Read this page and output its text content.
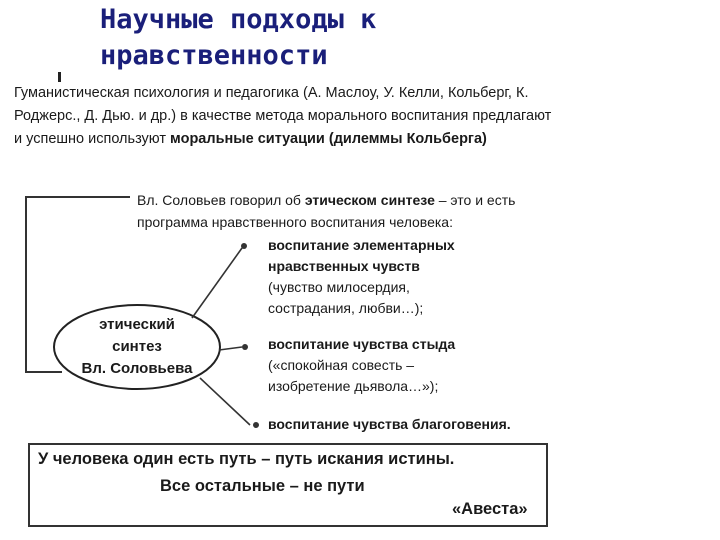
Научные подходы к
нравственности

Гуманистическая психология и педагогика (А. Маслоу, У. Келли, Кольберг, К. Роджерс., Д. Дью. и др.) в качестве метода морального воспитания предлагают и успешно используют моральные ситуации (дилеммы Кольберга)

Вл. Соловьев говорил об этическом синтезе – это и есть программа нравственного воспитания человека:

этический
синтез
Вл. Соловьева
воспитание элементарных
нравственных чувств
(чувство милосердия,
сострадания, любви…);
воспитание чувства стыда
(«спокойная совесть –
изобретение дьявола…»);
воспитание чувства благоговения.
У человека один есть путь – путь искания истины.
Все остальные – не пути
«Авеста»
